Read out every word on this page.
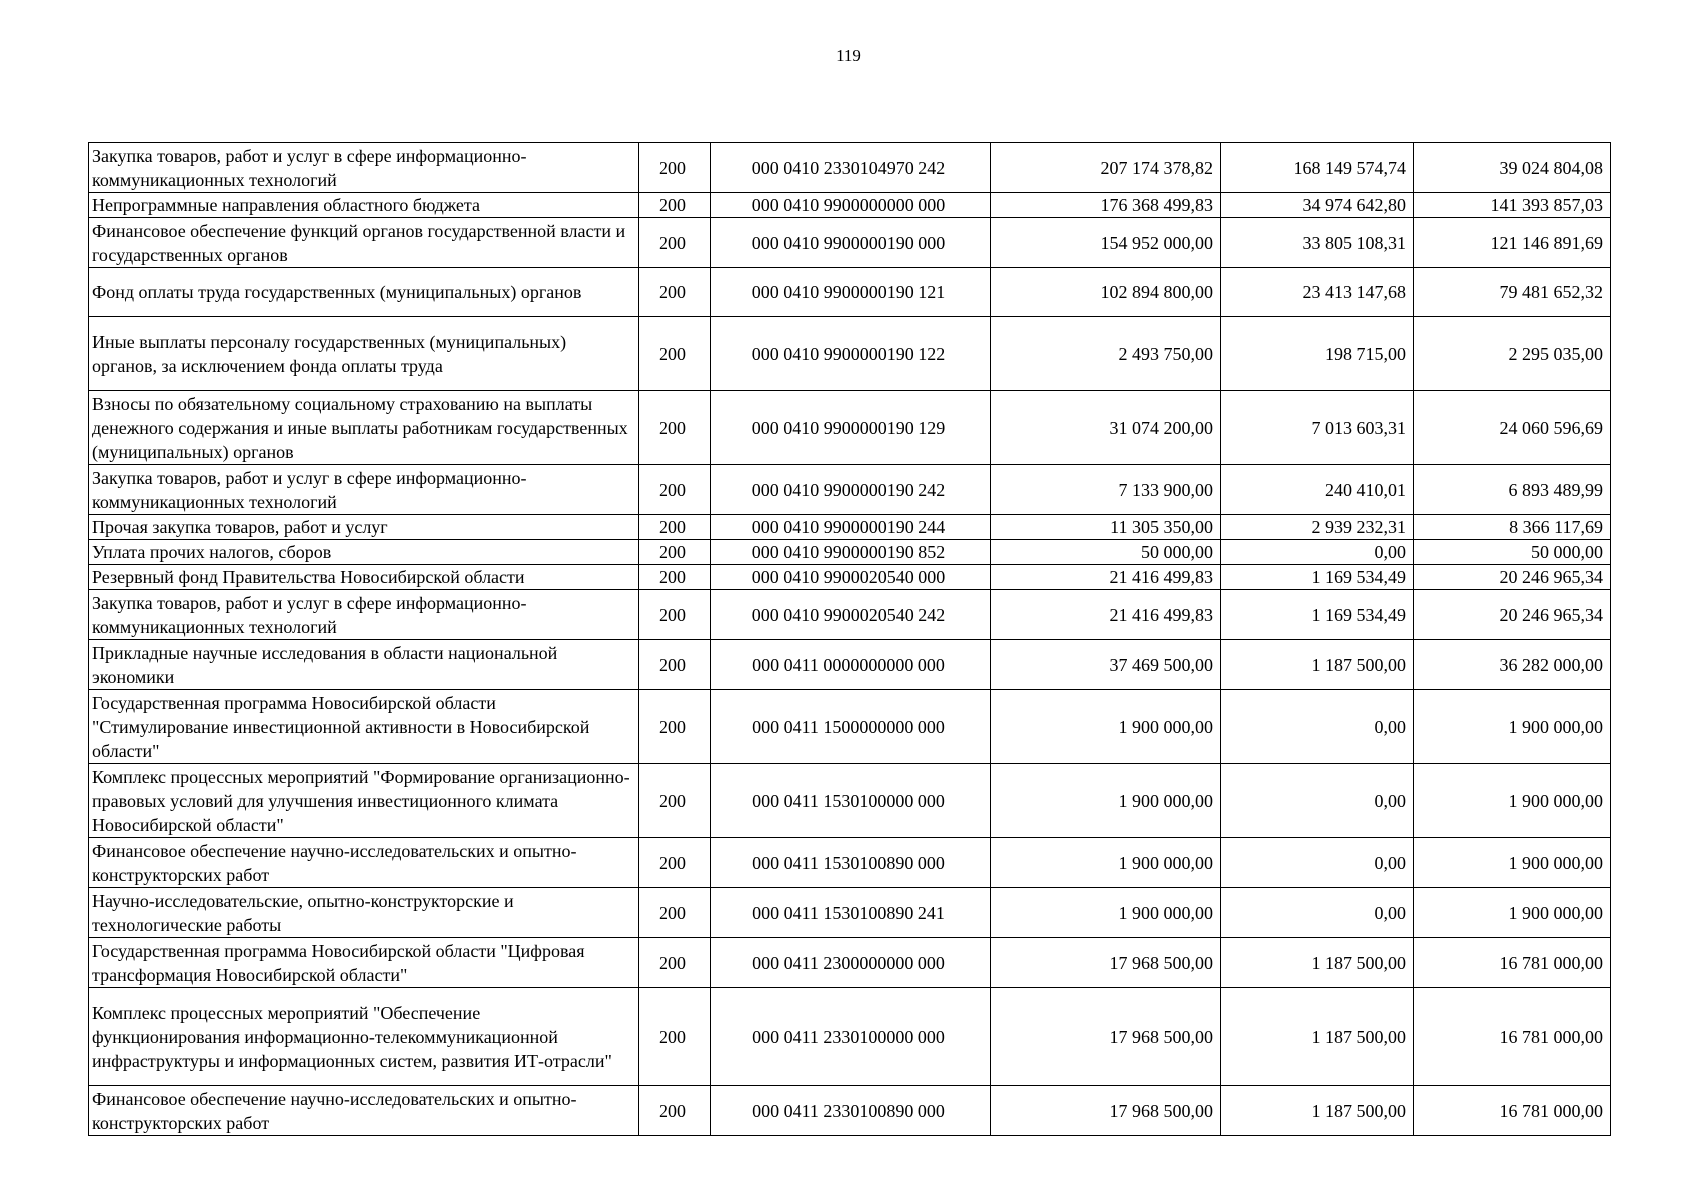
119
Закупка товаров, работ и услуг в сфере информационно-коммуникационных технологий	200	000 0410 2330104970 242	207 174 378,82	168 149 574,74	39 024 804,08
Непрограммные направления областного бюджета	200	000 0410 9900000000 000	176 368 499,83	34 974 642,80	141 393 857,03
Финансовое обеспечение функций органов государственной власти и государственных органов	200	000 0410 9900000190 000	154 952 000,00	33 805 108,31	121 146 891,69
Фонд оплаты труда государственных (муниципальных) органов	200	000 0410 9900000190 121	102 894 800,00	23 413 147,68	79 481 652,32
Иные выплаты персоналу государственных (муниципальных) органов, за исключением фонда оплаты труда	200	000 0410 9900000190 122	2 493 750,00	198 715,00	2 295 035,00
Взносы по обязательному социальному страхованию на выплаты денежного содержания и иные выплаты работникам государственных (муниципальных) органов	200	000 0410 9900000190 129	31 074 200,00	7 013 603,31	24 060 596,69
Закупка товаров, работ и услуг в сфере информационно-коммуникационных технологий	200	000 0410 9900000190 242	7 133 900,00	240 410,01	6 893 489,99
Прочая закупка товаров, работ и услуг	200	000 0410 9900000190 244	11 305 350,00	2 939 232,31	8 366 117,69
Уплата прочих налогов, сборов	200	000 0410 9900000190 852	50 000,00	0,00	50 000,00
Резервный фонд Правительства Новосибирской области	200	000 0410 9900020540 000	21 416 499,83	1 169 534,49	20 246 965,34
Закупка товаров, работ и услуг в сфере информационно-коммуникационных технологий	200	000 0410 9900020540 242	21 416 499,83	1 169 534,49	20 246 965,34
Прикладные научные исследования в области национальной экономики	200	000 0411 0000000000 000	37 469 500,00	1 187 500,00	36 282 000,00
Государственная программа Новосибирской области "Стимулирование инвестиционной активности в Новосибирской области"	200	000 0411 1500000000 000	1 900 000,00	0,00	1 900 000,00
Комплекс процессных мероприятий "Формирование организационно-правовых условий для улучшения инвестиционного климата Новосибирской области"	200	000 0411 1530100000 000	1 900 000,00	0,00	1 900 000,00
Финансовое обеспечение научно-исследовательских и опытно-конструкторских работ	200	000 0411 1530100890 000	1 900 000,00	0,00	1 900 000,00
Научно-исследовательские, опытно-конструкторские и технологические работы	200	000 0411 1530100890 241	1 900 000,00	0,00	1 900 000,00
Государственная программа Новосибирской области "Цифровая трансформация Новосибирской области"	200	000 0411 2300000000 000	17 968 500,00	1 187 500,00	16 781 000,00
Комплекс процессных мероприятий "Обеспечение функционирования информационно-телекоммуникационной инфраструктуры и информационных систем, развития ИТ-отрасли"	200	000 0411 2330100000 000	17 968 500,00	1 187 500,00	16 781 000,00
Финансовое обеспечение научно-исследовательских и опытно-конструкторских работ	200	000 0411 2330100890 000	17 968 500,00	1 187 500,00	16 781 000,00
